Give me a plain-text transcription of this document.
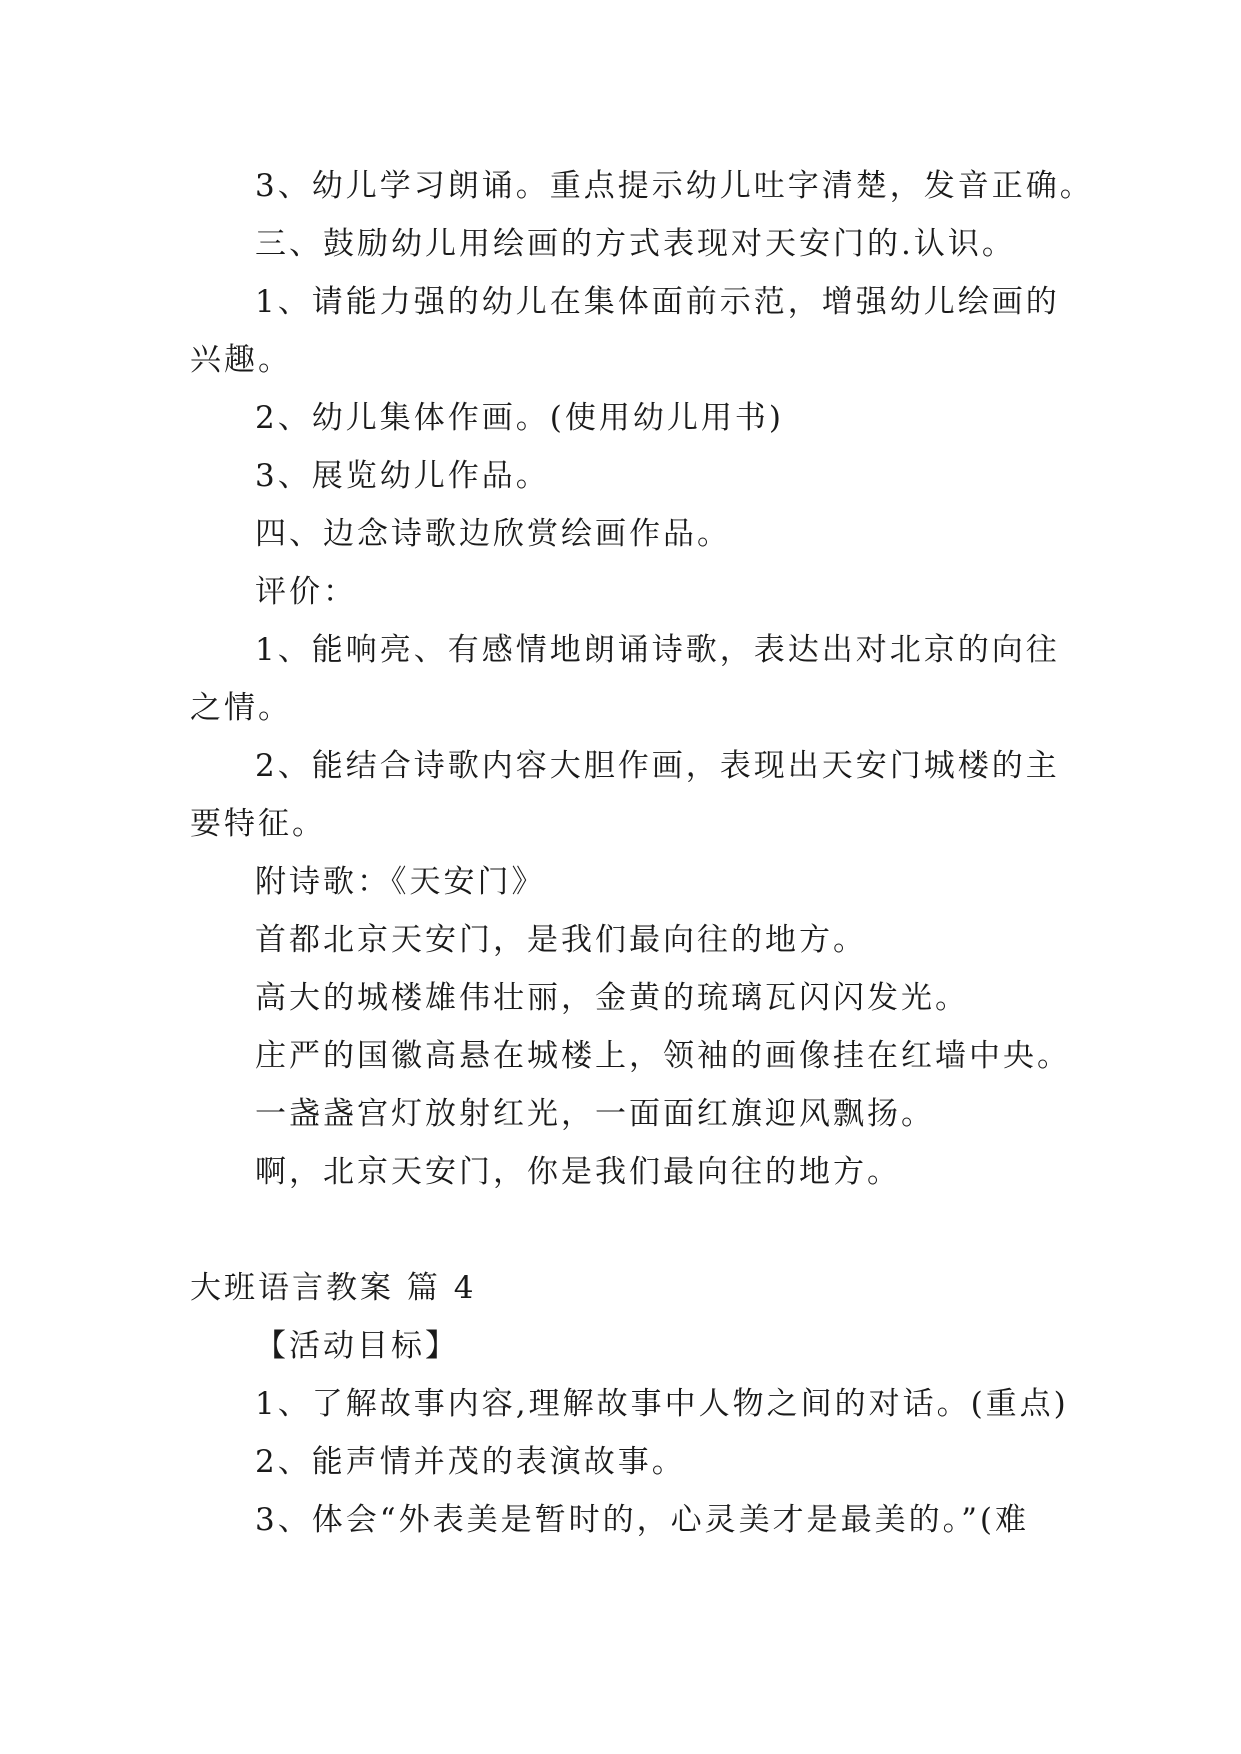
3、幼儿学习朗诵。重点提示幼儿吐字清楚，发音正确。
三、鼓励幼儿用绘画的方式表现对天安门的.认识。
1、请能力强的幼儿在集体面前示范，增强幼儿绘画的
兴趣。
2、幼儿集体作画。(使用幼儿用书)
3、展览幼儿作品。
四、边念诗歌边欣赏绘画作品。
评价：
1、能响亮、有感情地朗诵诗歌，表达出对北京的向往
之情。
2、能结合诗歌内容大胆作画，表现出天安门城楼的主
要特征。
附诗歌：《天安门》
首都北京天安门，是我们最向往的地方。
高大的城楼雄伟壮丽，金黄的琉璃瓦闪闪发光。
庄严的国徽高悬在城楼上，领袖的画像挂在红墙中央。
一盏盏宫灯放射红光，一面面红旗迎风飘扬。
啊，北京天安门，你是我们最向往的地方。
大班语言教案 篇 4
【活动目标】
1、了解故事内容,理解故事中人物之间的对话。(重点)
2、能声情并茂的表演故事。
3、体会“外表美是暂时的，心灵美才是最美的。”(难
